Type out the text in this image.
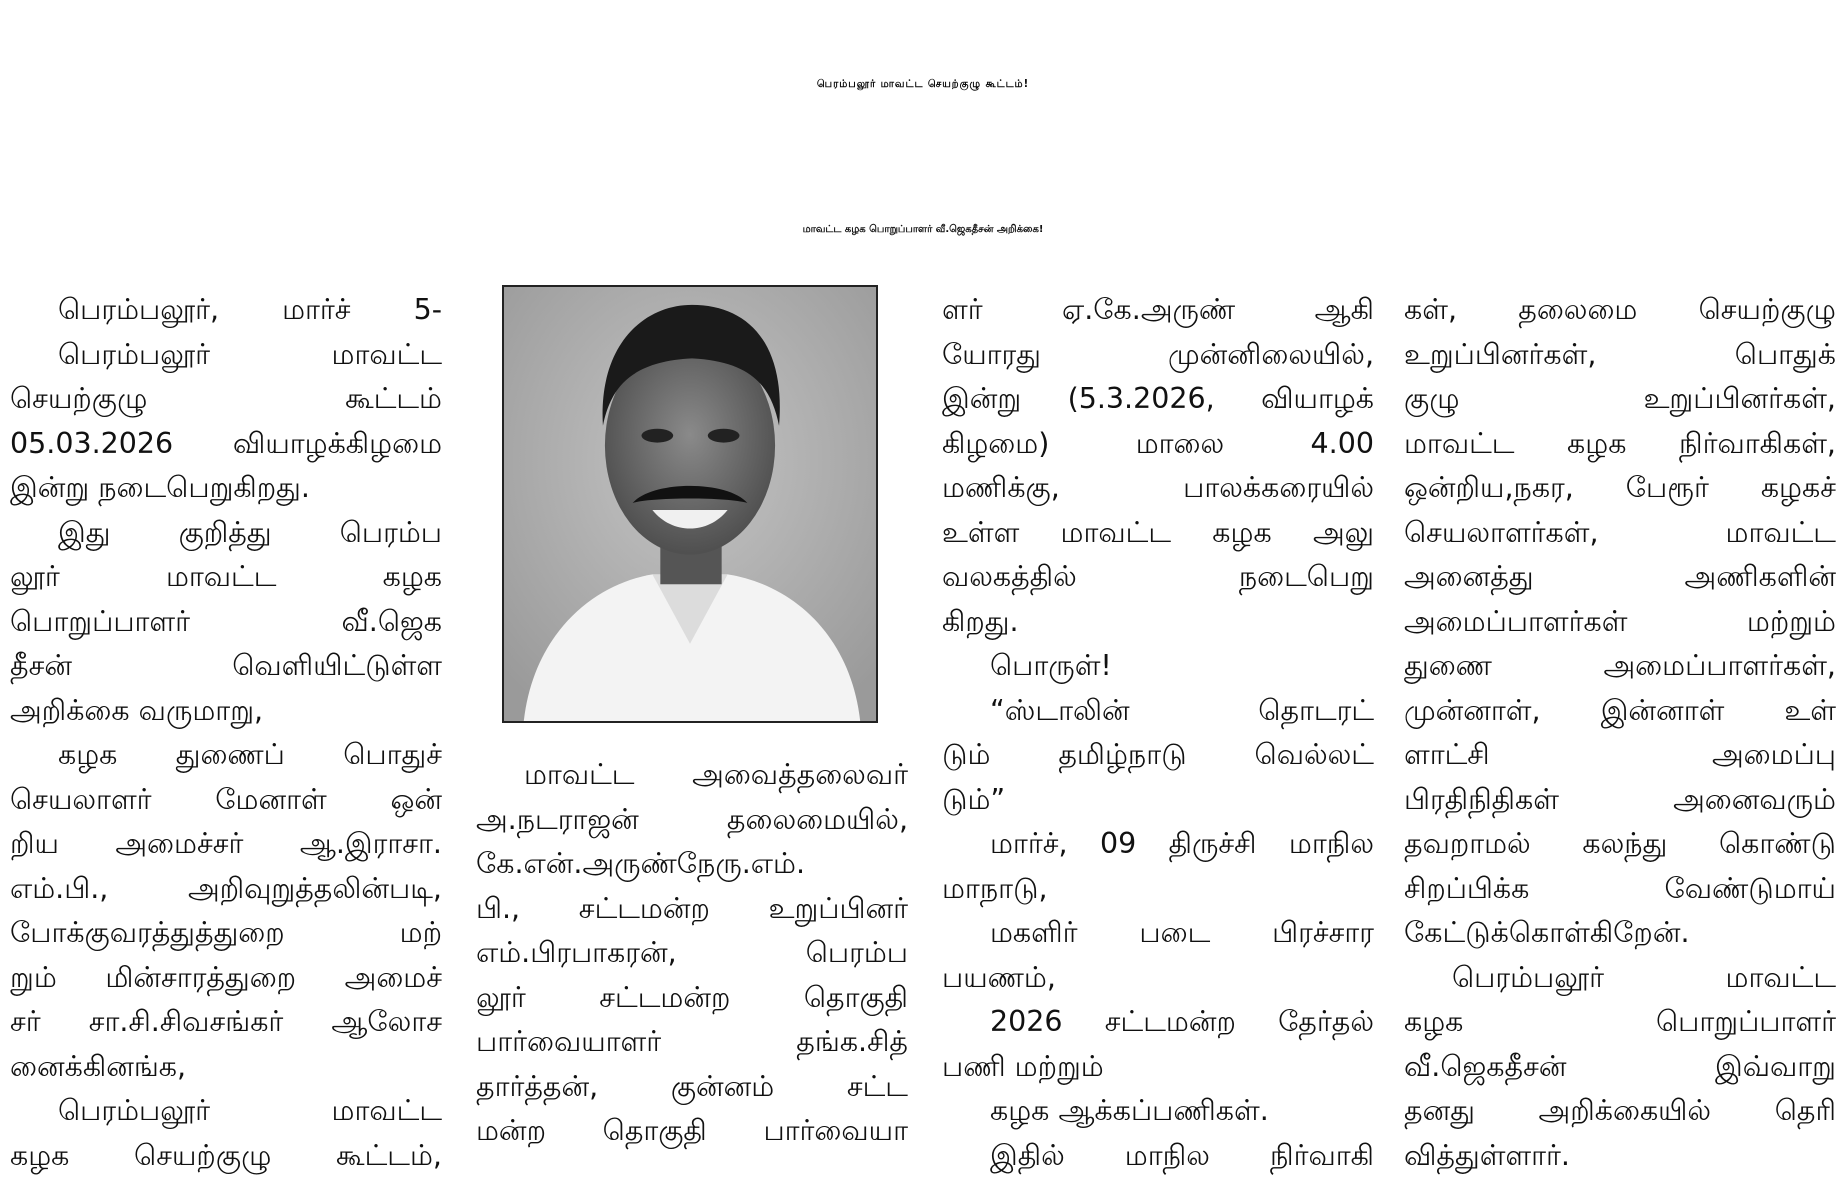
பெரம்பலூர் மாவட்ட செயற்குழு கூட்டம்!
மாவட்ட கழக பொறுப்பாளர் வீ.ஜெகதீசன் அறிக்கை!

பெரம்பலூர், மார்ச் 5-

பெரம்பலூர் மாவட்ட

செயற்குழு கூட்டம்

05.03.2026 வியாழக்கிழமை

இன்று நடைபெறுகிறது.

இது குறித்து பெரம்ப

லூர் மாவட்ட கழக

பொறுப்பாளர் வீ.ஜெக

தீசன் வெளியிட்டுள்ள

அறிக்கை வருமாறு,

கழக துணைப் பொதுச்

செயலாளர் மேனாள் ஒன்

றிய அமைச்சர் ஆ.இராசா.

எம்.பி., அறிவுறுத்தலின்படி,

போக்குவரத்துத்துறை மற்

றும் மின்சாரத்துறை அமைச்

சர் சா.சி.சிவசங்கர் ஆலோச

னைக்கினங்க,

பெரம்பலூர் மாவட்ட

கழக செயற்குழு கூட்டம்,

மாவட்ட அவைத்தலைவர்

அ.நடராஜன் தலைமையில்,

கே.என்.அருண்நேரு.எம்.

பி., சட்டமன்ற உறுப்பினர்

எம்.பிரபாகரன், பெரம்ப

லூர் சட்டமன்ற தொகுதி

பார்வையாளர் தங்க.சித்

தார்த்தன், குன்னம் சட்ட

மன்ற தொகுதி பார்வையா

ளர் ஏ.கே.அருண் ஆகி

யோரது முன்னிலையில்,

இன்று (5.3.2026, வியாழக்

கிழமை) மாலை 4.00

மணிக்கு, பாலக்கரையில்

உள்ள மாவட்ட கழக அலு

வலகத்தில் நடைபெறு

கிறது.

பொருள்!

“ஸ்டாலின் தொடரட்

டும் தமிழ்நாடு வெல்லட்

டும்”

மார்ச், 09 திருச்சி மாநில

மாநாடு,

மகளிர் படை பிரச்சார

பயணம்,

2026 சட்டமன்ற தேர்தல்

பணி மற்றும்

கழக ஆக்கப்பணிகள்.

இதில் மாநில நிர்வாகி

கள், தலைமை செயற்குழு

உறுப்பினர்கள், பொதுக்

குழு உறுப்பினர்கள்,

மாவட்ட கழக நிர்வாகிகள்,

ஒன்றிய,நகர, பேரூர் கழகச்

செயலாளர்கள், மாவட்ட

அனைத்து அணிகளின்

அமைப்பாளர்கள் மற்றும்

துணை அமைப்பாளர்கள்,

முன்னாள், இன்னாள் உள்

ளாட்சி அமைப்பு

பிரதிநிதிகள் அனைவரும்

தவறாமல் கலந்து கொண்டு

சிறப்பிக்க வேண்டுமாய்

கேட்டுக்கொள்கிறேன்.

பெரம்பலூர் மாவட்ட

கழக பொறுப்பாளர்

வீ.ஜெகதீசன் இவ்வாறு

தனது அறிக்கையில் தெரி

வித்துள்ளார்.
